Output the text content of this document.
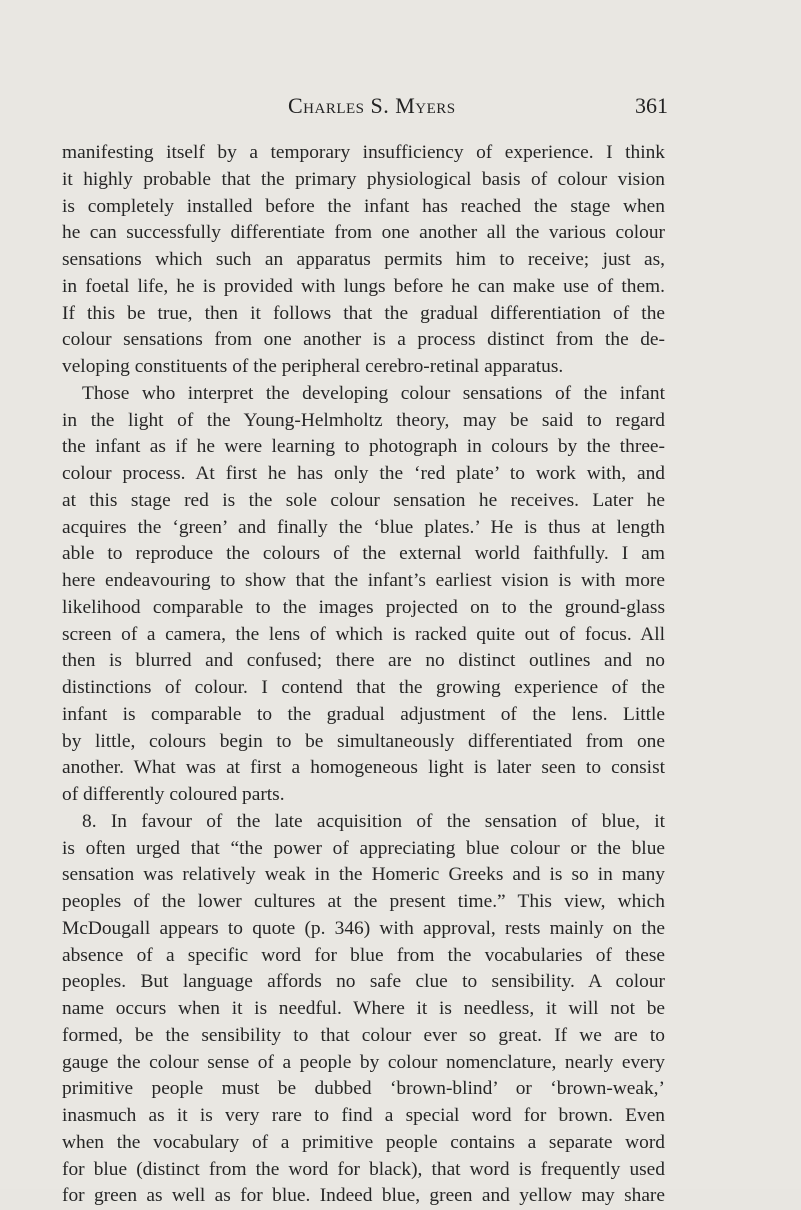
Charles S. Myers	361
manifesting itself by a temporary insufficiency of experience. I think
it highly probable that the primary physiological basis of colour vision
is completely installed before the infant has reached the stage when
he can successfully differentiate from one another all the various colour
sensations which such an apparatus permits him to receive; just as,
in foetal life, he is provided with lungs before he can make use of them.
If this be true, then it follows that the gradual differentiation of the
colour sensations from one another is a process distinct from the de-
veloping constituents of the peripheral cerebro-retinal apparatus.
Those who interpret the developing colour sensations of the infant
in the light of the Young-Helmholtz theory, may be said to regard
the infant as if he were learning to photograph in colours by the three-
colour process. At first he has only the ‘red plate’ to work with, and
at this stage red is the sole colour sensation he receives. Later he
acquires the ‘green’ and finally the ‘blue plates.’ He is thus at length
able to reproduce the colours of the external world faithfully. I am
here endeavouring to show that the infant’s earliest vision is with more
likelihood comparable to the images projected on to the ground-glass
screen of a camera, the lens of which is racked quite out of focus. All
then is blurred and confused; there are no distinct outlines and no
distinctions of colour. I contend that the growing experience of the
infant is comparable to the gradual adjustment of the lens. Little
by little, colours begin to be simultaneously differentiated from one
another. What was at first a homogeneous light is later seen to consist
of differently coloured parts.
8. In favour of the late acquisition of the sensation of blue, it
is often urged that “the power of appreciating blue colour or the blue
sensation was relatively weak in the Homeric Greeks and is so in many
peoples of the lower cultures at the present time.” This view, which
McDougall appears to quote (p. 346) with approval, rests mainly on the
absence of a specific word for blue from the vocabularies of these
peoples. But language affords no safe clue to sensibility. A colour
name occurs when it is needful. Where it is needless, it will not be
formed, be the sensibility to that colour ever so great. If we are to
gauge the colour sense of a people by colour nomenclature, nearly every
primitive people must be dubbed ‘brown-blind’ or ‘brown-weak,’
inasmuch as it is very rare to find a special word for brown. Even
when the vocabulary of a primitive people contains a separate word
for blue (distinct from the word for black), that word is frequently used
for green as well as for blue. Indeed blue, green and yellow may share
